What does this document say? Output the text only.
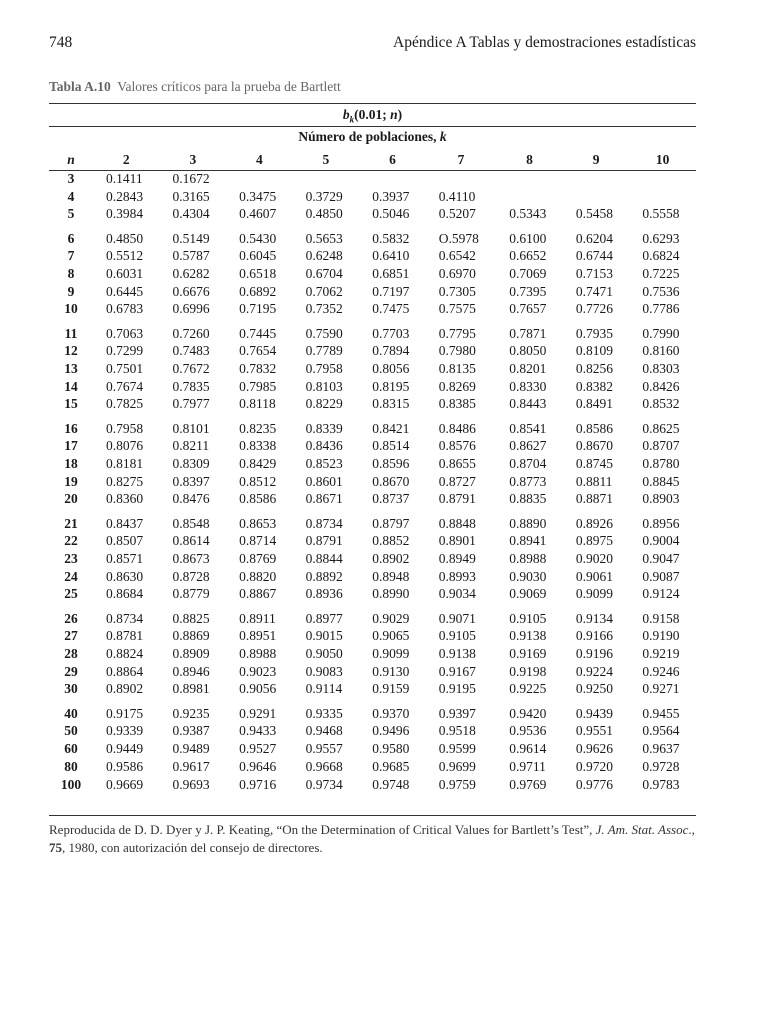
748	Apéndice A Tablas y demostraciones estadísticas
Tabla A.10 Valores críticos para la prueba de Bartlett
$b_k(0.01$; n)
Número de poblaciones, k
n	2	3	4	5	6	7	8	9	10
3	0.1411	0.1672							
4	0.2843	0.3165	0.3475	0.3729	0.3937	0.4110			
5	0.3984	0.4304	0.4607	0.4850	0.5046	0.5207	0.5343	0.5458	0.5558

6	0.4850	0.5149	0.5430	0.5653	0.5832	O.5978	0.6100	0.6204	0.6293
7	0.5512	0.5787	0.6045	0.6248	0.6410	0.6542	0.6652	0.6744	0.6824
8	0.6031	0.6282	0.6518	0.6704	0.6851	0.6970	0.7069	0.7153	0.7225
9	0.6445	0.6676	0.6892	0.7062	0.7197	0.7305	0.7395	0.7471	0.7536
10	0.6783	0.6996	0.7195	0.7352	0.7475	0.7575	0.7657	0.7726	0.7786

11	0.7063	0.7260	0.7445	0.7590	0.7703	0.7795	0.7871	0.7935	0.7990
12	0.7299	0.7483	0.7654	0.7789	0.7894	0.7980	0.8050	0.8109	0.8160
13	0.7501	0.7672	0.7832	0.7958	0.8056	0.8135	0.8201	0.8256	0.8303
14	0.7674	0.7835	0.7985	0.8103	0.8195	0.8269	0.8330	0.8382	0.8426
15	0.7825	0.7977	0.8118	0.8229	0.8315	0.8385	0.8443	0.8491	0.8532

16	0.7958	0.8101	0.8235	0.8339	0.8421	0.8486	0.8541	0.8586	0.8625
17	0.8076	0.8211	0.8338	0.8436	0.8514	0.8576	0.8627	0.8670	0.8707
18	0.8181	0.8309	0.8429	0.8523	0.8596	0.8655	0.8704	0.8745	0.8780
19	0.8275	0.8397	0.8512	0.8601	0.8670	0.8727	0.8773	0.8811	0.8845
20	0.8360	0.8476	0.8586	0.8671	0.8737	0.8791	0.8835	0.8871	0.8903

21	0.8437	0.8548	0.8653	0.8734	0.8797	0.8848	0.8890	0.8926	0.8956
22	0.8507	0.8614	0.8714	0.8791	0.8852	0.8901	0.8941	0.8975	0.9004
23	0.8571	0.8673	0.8769	0.8844	0.8902	0.8949	0.8988	0.9020	0.9047
24	0.8630	0.8728	0.8820	0.8892	0.8948	0.8993	0.9030	0.9061	0.9087
25	0.8684	0.8779	0.8867	0.8936	0.8990	0.9034	0.9069	0.9099	0.9124

26	0.8734	0.8825	0.8911	0.8977	0.9029	0.9071	0.9105	0.9134	0.9158
27	0.8781	0.8869	0.8951	0.9015	0.9065	0.9105	0.9138	0.9166	0.9190
28	0.8824	0.8909	0.8988	0.9050	0.9099	0.9138	0.9169	0.9196	0.9219
29	0.8864	0.8946	0.9023	0.9083	0.9130	0.9167	0.9198	0.9224	0.9246
30	0.8902	0.8981	0.9056	0.9114	0.9159	0.9195	0.9225	0.9250	0.9271

40	0.9175	0.9235	0.9291	0.9335	0.9370	0.9397	0.9420	0.9439	0.9455
50	0.9339	0.9387	0.9433	0.9468	0.9496	0.9518	0.9536	0.9551	0.9564
60	0.9449	0.9489	0.9527	0.9557	0.9580	0.9599	0.9614	0.9626	0.9637
80	0.9586	0.9617	0.9646	0.9668	0.9685	0.9699	0.9711	0.9720	0.9728
100	0.9669	0.9693	0.9716	0.9734	0.9748	0.9759	0.9769	0.9776	0.9783
Reproducida de D. D. Dyer y J. P. Keating, “On the Determination of Critical Values for Bartlett’s Test”, J. Am. Stat. Assoc., 75, 1980, con autorización del consejo de directores.
